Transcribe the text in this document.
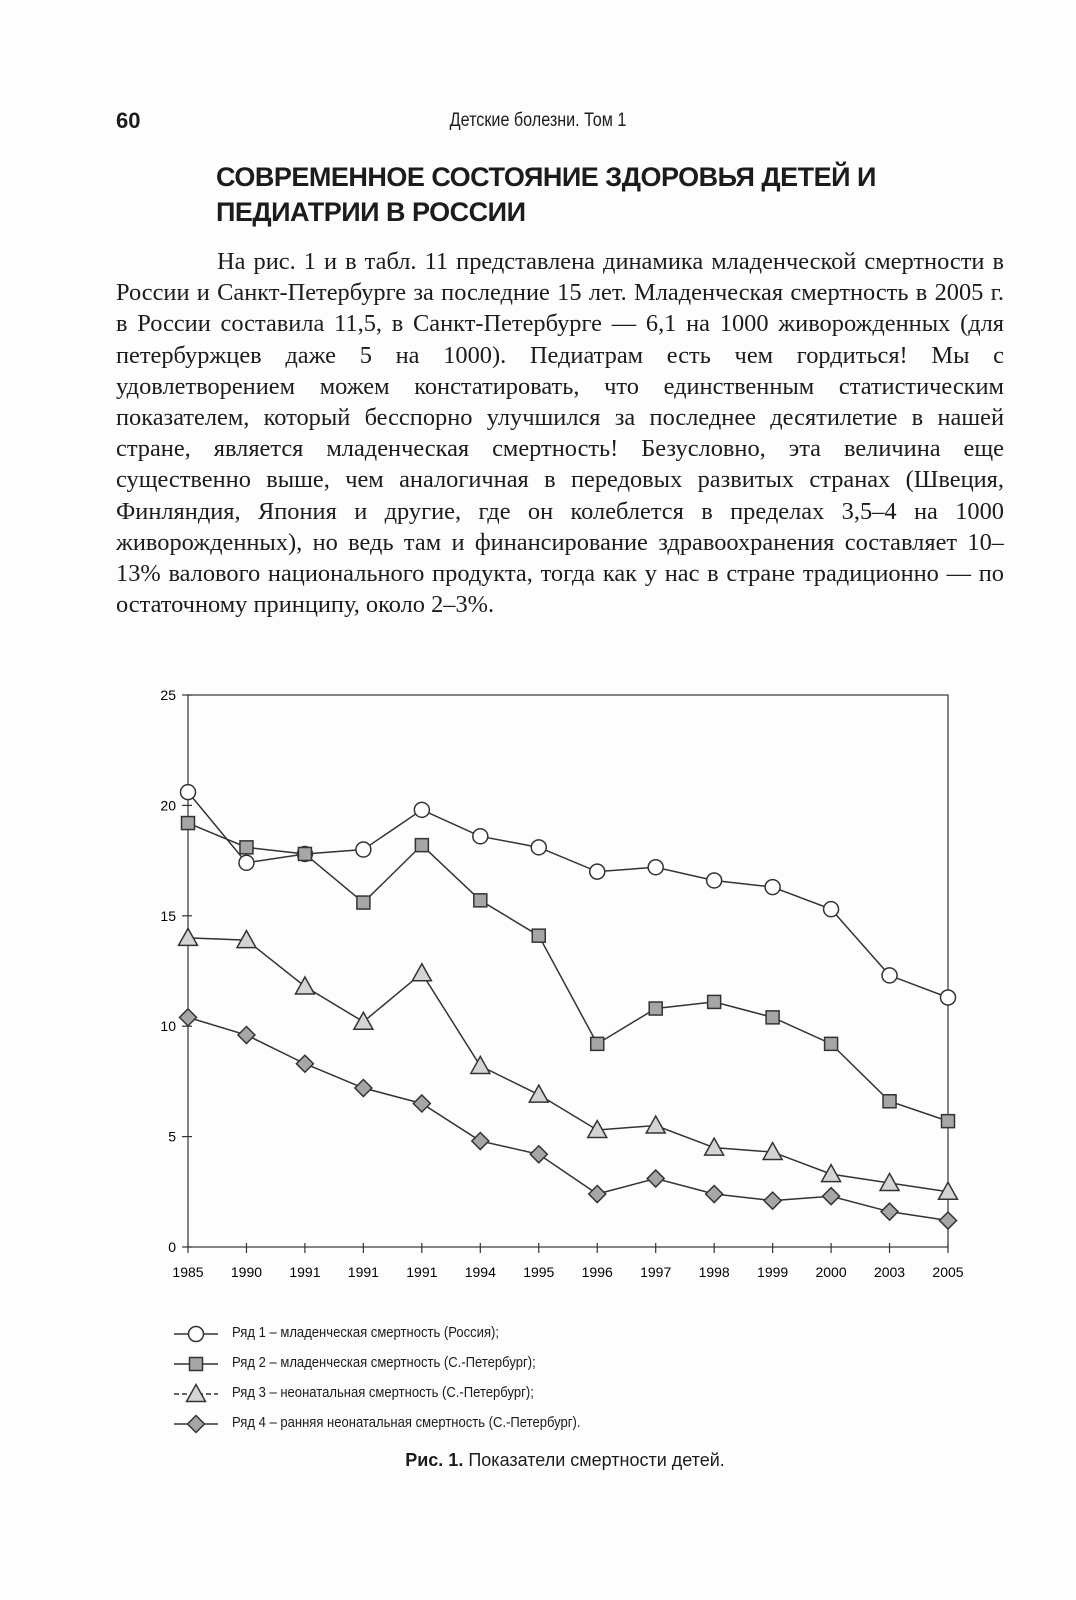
60	Детские болезни. Том 1
СОВРЕМЕННОЕ СОСТОЯНИЕ ЗДОРОВЬЯ ДЕТЕЙ И ПЕДИАТРИИ В РОССИИ

На рис. 1 и в табл. 11 представлена динамика младенческой смертности в России и Санкт-Петербурге за последние 15 лет. Младенческая смертность в 2005 г. в России составила 11,5, в Санкт-Петербурге — 6,1 на 1000 живорожденных (для петербуржцев даже 5 на 1000). Педиатрам есть чем гордиться! Мы с удовлетворением можем констатировать, что единственным статистическим показателем, который бесспорно улучшился за последнее десятилетие в нашей стране, является младенческая смертность! Безусловно, эта величина еще существенно выше, чем аналогичная в передовых развитых странах (Швеция, Финляндия, Япония и другие, где он колеблется в пределах 3,5–4 на 1000 живорожденных), но ведь там и финансирование здравоохранения составляет 10–13% валового национального продукта, тогда как у нас в стране традиционно — по остаточному принципу, около 2–3%.

0
5
10
15
20
25
1985 1990 1991 1991 1991 1994 1995 1996 1997 1998 1999 2000 2003 2005
Ряд 1 – младенческая смертность (Россия);
Ряд 2 – младенческая смертность (С.-Петербург);
Ряд 3 – неонатальная смертность (С.-Петербург);
Ряд 4 – ранняя неонатальная смертность (С.-Петербург).
Рис. 1. Показатели смертности детей.
